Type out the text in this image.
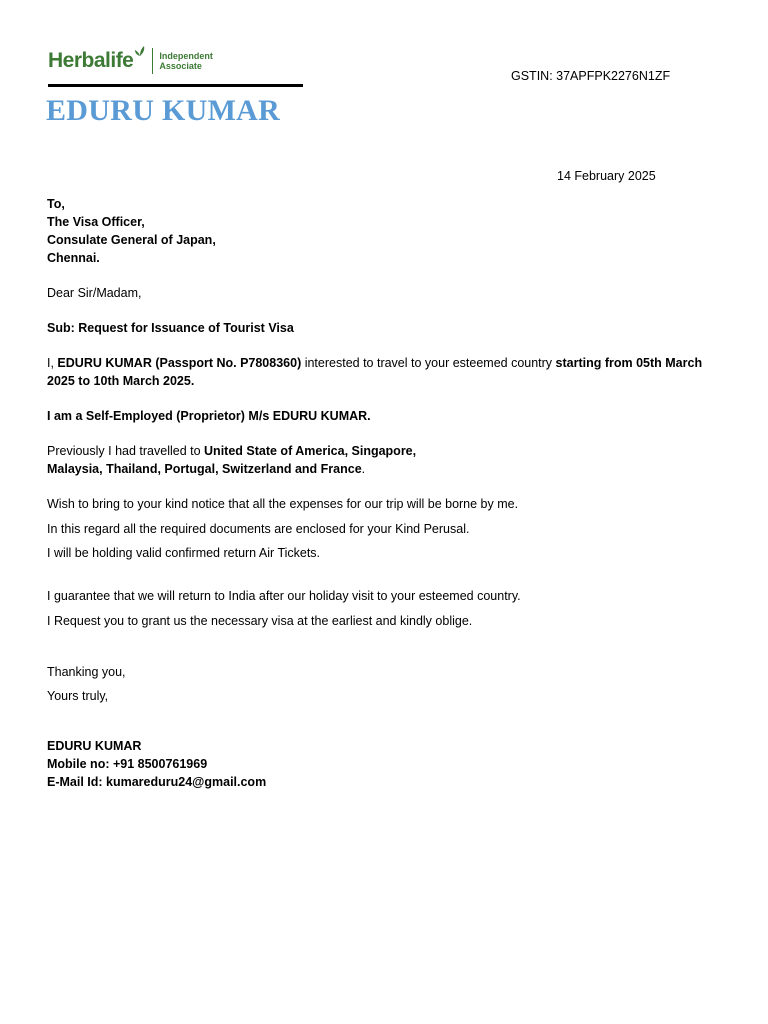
Herbalife	Independent
Associate
GSTIN: 37APFPK2276N1ZF
EDURU KUMAR
14 February 2025
To,
The Visa Officer,
Consulate General of Japan,
Chennai.
Dear Sir/Madam,
Sub: Request for Issuance of Tourist Visa
I, EDURU KUMAR (Passport No. P7808360) interested to travel to your esteemed country starting from 05th March 2025 to 10th March 2025.
I am a Self-Employed (Proprietor) M/s EDURU KUMAR.
Previously I had travelled to United State of America, Singapore,
Malaysia, Thailand, Portugal, Switzerland and France.
Wish to bring to your kind notice that all the expenses for our trip will be borne by me.
In this regard all the required documents are enclosed for your Kind Perusal.
I will be holding valid confirmed return Air Tickets.
I guarantee that we will return to India after our holiday visit to your esteemed country.
I Request you to grant us the necessary visa at the earliest and kindly oblige.
Thanking you,
Yours truly,
EDURU KUMAR
Mobile no: +91 8500761969
E-Mail Id: kumareduru24@gmail.com
